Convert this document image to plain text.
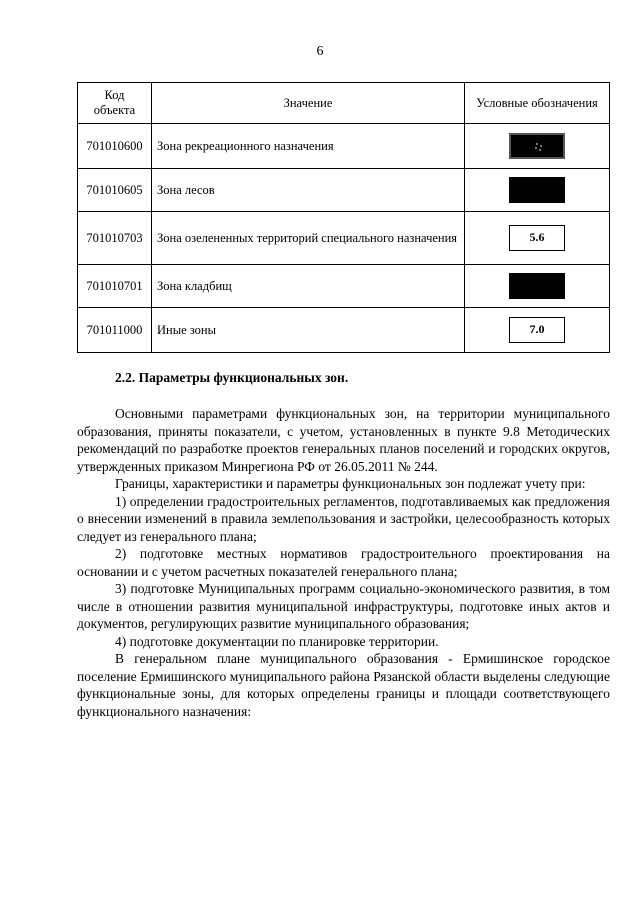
6
Код объекта	Значение	Условные обозначения
701010600	Зона рекреационного назначения	

701010605	Зона лесов	
701010703	Зона озелененных территорий специального назначения	5.6
701010701	Зона кладбищ	
701011000	Иные зоны	7.0
2.2. Параметры функциональных зон.

Основными параметрами функциональных зон, на территории муниципального образования, приняты показатели, с учетом, установленных в пункте 9.8 Методических рекомендаций по разработке проектов генеральных планов поселений и городских округов, утвержденных приказом Минрегиона РФ от 26.05.2011 № 244.

Границы, характеристики и параметры функциональных зон подлежат учету при:

1) определении градостроительных регламентов, подготавливаемых как предложения о внесении изменений в правила землепользования и застройки, целесообразность которых следует из генерального плана;

2) подготовке местных нормативов градостроительного проектирования на основании и с учетом расчетных показателей генерального плана;

3) подготовке Муниципальных программ социально-экономического развития, в том числе в отношении развития муниципальной инфраструктуры, подготовке иных актов и документов, регулирующих развитие муниципального образования;

4) подготовке документации по планировке территории.

В генеральном плане муниципального образования - Ермишинское городское поселение Ермишинского муниципального района Рязанской области выделены следующие функциональные зоны, для которых определены границы и площади соответствующего функционального назначения:
